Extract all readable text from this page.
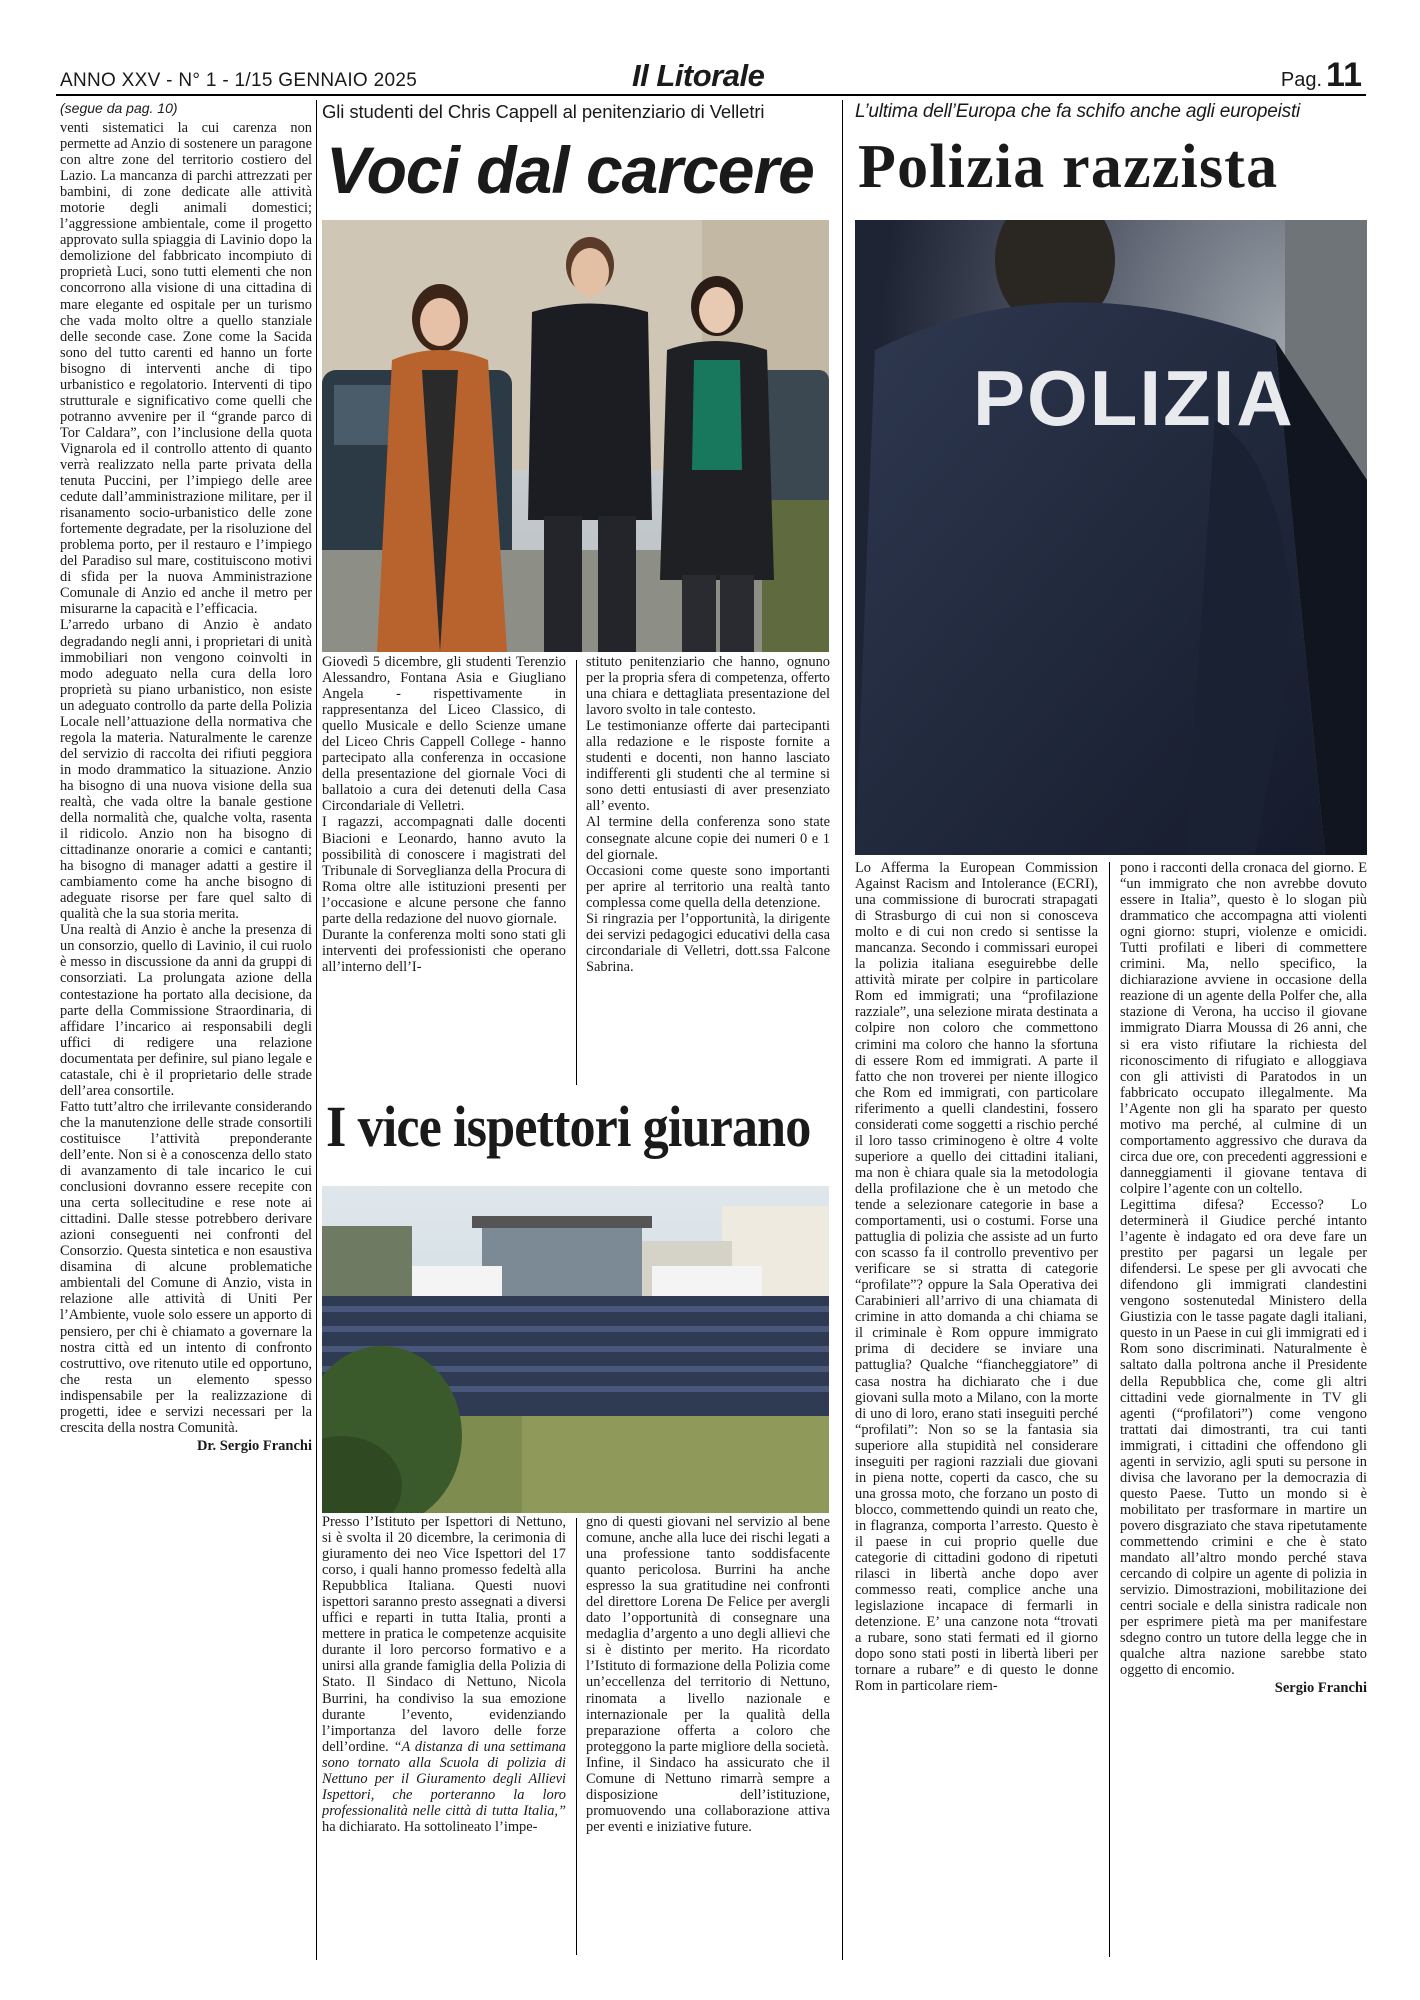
ANNO XXV - N° 1 - 1/15 GENNAIO 2025	Il Litorale	Pag. 11
(segue da pag. 10)

venti sistematici la cui carenza non permette ad Anzio di sostenere un paragone con altre zone del territorio costiero del Lazio. La mancanza di parchi attrezzati per bambini, di zone dedicate alle attività motorie degli animali domestici; l’aggressione ambientale, come il progetto approvato sulla spiaggia di Lavinio dopo la demolizione del fabbricato incompiuto di proprietà Luci, sono tutti elementi che non concorrono alla visione di una cittadina di mare elegante ed ospitale per un turismo che vada molto oltre a quello stanziale delle seconde case. Zone come la Sacida sono del tutto carenti ed hanno un forte bisogno di interventi anche di tipo urbanistico e regolatorio. Interventi di tipo strutturale e significativo come quelli che potranno avvenire per il “grande parco di Tor Caldara”, con l’inclusione della quota Vignarola ed il controllo attento di quanto verrà realizzato nella parte privata della tenuta Puccini, per l’impiego delle aree cedute dall’amministrazione militare, per il risanamento socio-urbanistico delle zone fortemente degradate, per la risoluzione del problema porto, per il restauro e l’impiego del Paradiso sul mare, costituiscono motivi di sfida per la nuova Amministrazione Comunale di Anzio ed anche il metro per misurarne la capacità e l’efficacia.

L’arredo urbano di Anzio è andato degradando negli anni, i proprietari di unità immobiliari non vengono coinvolti in modo adeguato nella cura della loro proprietà su piano urbanistico, non esiste un adeguato controllo da parte della Polizia Locale nell’attuazione della normativa che regola la materia. Naturalmente le carenze del servizio di raccolta dei rifiuti peggiora in modo drammatico la situazione. Anzio ha bisogno di una nuova visione della sua realtà, che vada oltre la banale gestione della normalità che, qualche volta, rasenta il ridicolo. Anzio non ha bisogno di cittadinanze onorarie a comici e cantanti; ha bisogno di manager adatti a gestire il cambiamento come ha anche bisogno di adeguate risorse per fare quel salto di qualità che la sua storia merita.

Una realtà di Anzio è anche la presenza di un consorzio, quello di Lavinio, il cui ruolo è messo in discussione da anni da gruppi di consorziati. La prolungata azione della contestazione ha portato alla decisione, da parte della Commissione Straordinaria, di affidare l’incarico ai responsabili degli uffici di redigere una relazione documentata per definire, sul piano legale e catastale, chi è il proprietario delle strade dell’area consortile.

Fatto tutt’altro che irrilevante considerando che la manutenzione delle strade consortili costituisce l’attività preponderante dell’ente. Non si è a conoscenza dello stato di avanzamento di tale incarico le cui conclusioni dovranno essere recepite con una certa sollecitudine e rese note ai cittadini. Dalle stesse potrebbero derivare azioni conseguenti nei confronti del Consorzio. Questa sintetica e non esaustiva disamina di alcune problematiche ambientali del Comune di Anzio, vista in relazione alle attività di Uniti Per l’Ambiente, vuole solo essere un apporto di pensiero, per chi è chiamato a governare la nostra città ed un intento di confronto costruttivo, ove ritenuto utile ed opportuno, che resta un elemento spesso indispensabile per la realizzazione di progetti, idee e servizi necessari per la crescita della nostra Comunità.

Dr. Sergio Franchi
Gli studenti del Chris Cappell al penitenziario di Velletri
Voci dal carcere

Giovedì 5 dicembre, gli studenti Terenzio Alessandro, Fontana Asia e Giugliano Angela - rispettivamente in rappresentanza del Liceo Classico, di quello Musicale e dello Scienze umane del Liceo Chris Cappell College - hanno partecipato alla conferenza in occasione della presentazione del giornale Voci di ballatoio a cura dei detenuti della Casa Circondariale di Velletri.

I ragazzi, accompagnati dalle docenti Biacioni e Leonardo, hanno avuto la possibilità di conoscere i magistrati del Tribunale di Sorveglianza della Procura di Roma oltre alle istituzioni presenti per l’occasione e alcune persone che fanno parte della redazione del nuovo giornale.

Durante la conferenza molti sono stati gli interventi dei professionisti che operano all’interno dell’I-

stituto penitenziario che hanno, ognuno per la propria sfera di competenza, offerto una chiara e dettagliata presentazione del lavoro svolto in tale contesto.

Le testimonianze offerte dai partecipanti alla redazione e le risposte fornite a studenti e docenti, non hanno lasciato indifferenti gli studenti che al termine si sono detti entusiasti di aver presenziato all’ evento.

Al termine della conferenza sono state consegnate alcune copie dei numeri 0 e 1 del giornale.

Occasioni come queste sono importanti per aprire al territorio una realtà tanto complessa come quella della detenzione.

Si ringrazia per l’opportunità, la dirigente dei servizi pedagogici educativi della casa circondariale di Velletri, dott.ssa Falcone Sabrina.

I vice ispettori giurano

Presso l’Istituto per Ispettori di Nettuno, si è svolta il 20 dicembre, la cerimonia di giuramento dei neo Vice Ispettori del 17 corso, i quali hanno promesso fedeltà alla Repubblica Italiana. Questi nuovi ispettori saranno presto assegnati a diversi uffici e reparti in tutta Italia, pronti a mettere in pratica le competenze acquisite durante il loro percorso formativo e a unirsi alla grande famiglia della Polizia di Stato. Il Sindaco di Nettuno, Nicola Burrini, ha condiviso la sua emozione durante l’evento, evidenziando l’importanza del lavoro delle forze dell’ordine. “A distanza di una settimana sono tornato alla Scuola di polizia di Nettuno per il Giuramento degli Allievi Ispettori, che porteranno la loro professionalità nelle città di tutta Italia,” ha dichiarato. Ha sottolineato l’impe-

gno di questi giovani nel servizio al bene comune, anche alla luce dei rischi legati a una professione tanto soddisfacente quanto pericolosa. Burrini ha anche espresso la sua gratitudine nei confronti del direttore Lorena De Felice per avergli dato l’opportunità di consegnare una medaglia d’argento a uno degli allievi che si è distinto per merito. Ha ricordato l’Istituto di formazione della Polizia come un’eccellenza del territorio di Nettuno, rinomata a livello nazionale e internazionale per la qualità della preparazione offerta a coloro che proteggono la parte migliore della società.

Infine, il Sindaco ha assicurato che il Comune di Nettuno rimarrà sempre a disposizione dell’istituzione, promuovendo una collaborazione attiva per eventi e iniziative future.

L’ultima dell’Europa che fa schifo anche agli europeisti
Polizia razzista
POLIZIA

Lo Afferma la European Commission Against Racism and Intolerance (ECRI), una commissione di burocrati strapagati di Strasburgo di cui non si conosceva molto e di cui non credo si sentisse la mancanza. Secondo i commissari europei la polizia italiana eseguirebbe delle attività mirate per colpire in particolare Rom ed immigrati; una “profilazione razziale”, una selezione mirata destinata a colpire non coloro che commettono crimini ma coloro che hanno la sfortuna di essere Rom ed immigrati. A parte il fatto che non troverei per niente illogico che Rom ed immigrati, con particolare riferimento a quelli clandestini, fossero considerati come soggetti a rischio perché il loro tasso criminogeno è oltre 4 volte superiore a quello dei cittadini italiani, ma non è chiara quale sia la metodologia della profilazione che è un metodo che tende a selezionare categorie in base a comportamenti, usi o costumi. Forse una pattuglia di polizia che assiste ad un furto con scasso fa il controllo preventivo per verificare se si stratta di categorie “profilate”? oppure la Sala Operativa dei Carabinieri all’arrivo di una chiamata di crimine in atto domanda a chi chiama se il criminale è Rom oppure immigrato prima di decidere se inviare una pattuglia? Qualche “fiancheggiatore” di casa nostra ha dichiarato che i due giovani sulla moto a Milano, con la morte di uno di loro, erano stati inseguiti perché “profilati”: Non so se la fantasia sia superiore alla stupidità nel considerare inseguiti per ragioni razziali due giovani in piena notte, coperti da casco, che su una grossa moto, che forzano un posto di blocco, commettendo quindi un reato che, in flagranza, comporta l’arresto. Questo è il paese in cui proprio quelle due categorie di cittadini godono di ripetuti rilasci in libertà anche dopo aver commesso reati, complice anche una legislazione incapace di fermarli in detenzione. E’ una canzone nota “trovati a rubare, sono stati fermati ed il giorno dopo sono stati posti in libertà liberi per tornare a rubare” e di questo le donne Rom in particolare riem-

pono i racconti della cronaca del giorno. E “un immigrato che non avrebbe dovuto essere in Italia”, questo è lo slogan più drammatico che accompagna atti violenti ogni giorno: stupri, violenze e omicidi. Tutti profilati e liberi di commettere crimini. Ma, nello specifico, la dichiarazione avviene in occasione della reazione di un agente della Polfer che, alla stazione di Verona, ha ucciso il giovane immigrato Diarra Moussa di 26 anni, che si era visto rifiutare la richiesta del riconoscimento di rifugiato e alloggiava con gli attivisti di Paratodos in un fabbricato occupato illegalmente. Ma l’Agente non gli ha sparato per questo motivo ma perché, al culmine di un comportamento aggressivo che durava da circa due ore, con precedenti aggressioni e danneggiamenti il giovane tentava di colpire l’agente con un coltello.

Legittima difesa? Eccesso? Lo determinerà il Giudice perché intanto l’agente è indagato ed ora deve fare un prestito per pagarsi un legale per difendersi. Le spese per gli avvocati che difendono gli immigrati clandestini vengono sostenutedal Ministero della Giustizia con le tasse pagate dagli italiani, questo in un Paese in cui gli immigrati ed i Rom sono discriminati. Naturalmente è saltato dalla poltrona anche il Presidente della Repubblica che, come gli altri cittadini vede giornalmente in TV gli agenti (“profilatori”) come vengono trattati dai dimostranti, tra cui tanti immigrati, i cittadini che offendono gli agenti in servizio, agli sputi su persone in divisa che lavorano per la democrazia di questo Paese. Tutto un mondo si è mobilitato per trasformare in martire un povero disgraziato che stava ripetutamente commettendo crimini e che è stato mandato all’altro mondo perché stava cercando di colpire un agente di polizia in servizio. Dimostrazioni, mobilitazione dei centri sociale e della sinistra radicale non per esprimere pietà ma per manifestare sdegno contro un tutore della legge che in qualche altra nazione sarebbe stato oggetto di encomio.

Sergio Franchi
